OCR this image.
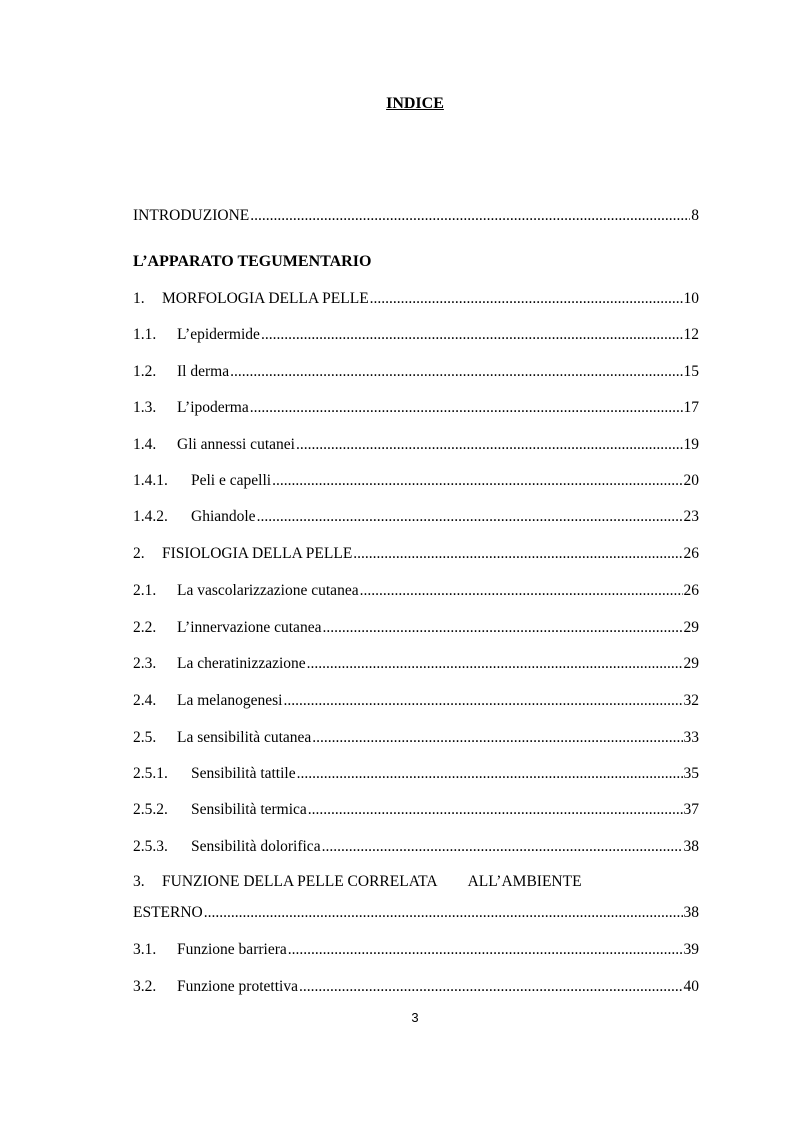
INDICE
INTRODUZIONE .....	8
L’APPARATO TEGUMENTARIO
1.	MORFOLOGIA DELLA PELLE .....	10
1.1.	L’epidermide .....	12
1.2.	Il derma .....	15
1.3.	L’ipoderma .....	17
1.4.	Gli annessi cutanei .....	19
1.4.1.	Peli e capelli .....	20
1.4.2.	Ghiandole .....	23
2.	FISIOLOGIA DELLA PELLE .....	26
2.1.	La vascolarizzazione cutanea .....	26
2.2.	L’innervazione cutanea .....	29
2.3.	La cheratinizzazione .....	29
2.4.	La melanogenesi .....	32
2.5.	La sensibilità cutanea .....	33
2.5.1.	Sensibilità tattile .....	35
2.5.2.	Sensibilità termica .....	37
2.5.3.	Sensibilità dolorifica .....	38
3. FUNZIONE DELLA PELLE CORRELATA ALL’AMBIENTE
ESTERNO .....	38
3.1.	Funzione barriera .....	39
3.2.	Funzione protettiva .....	40
3
